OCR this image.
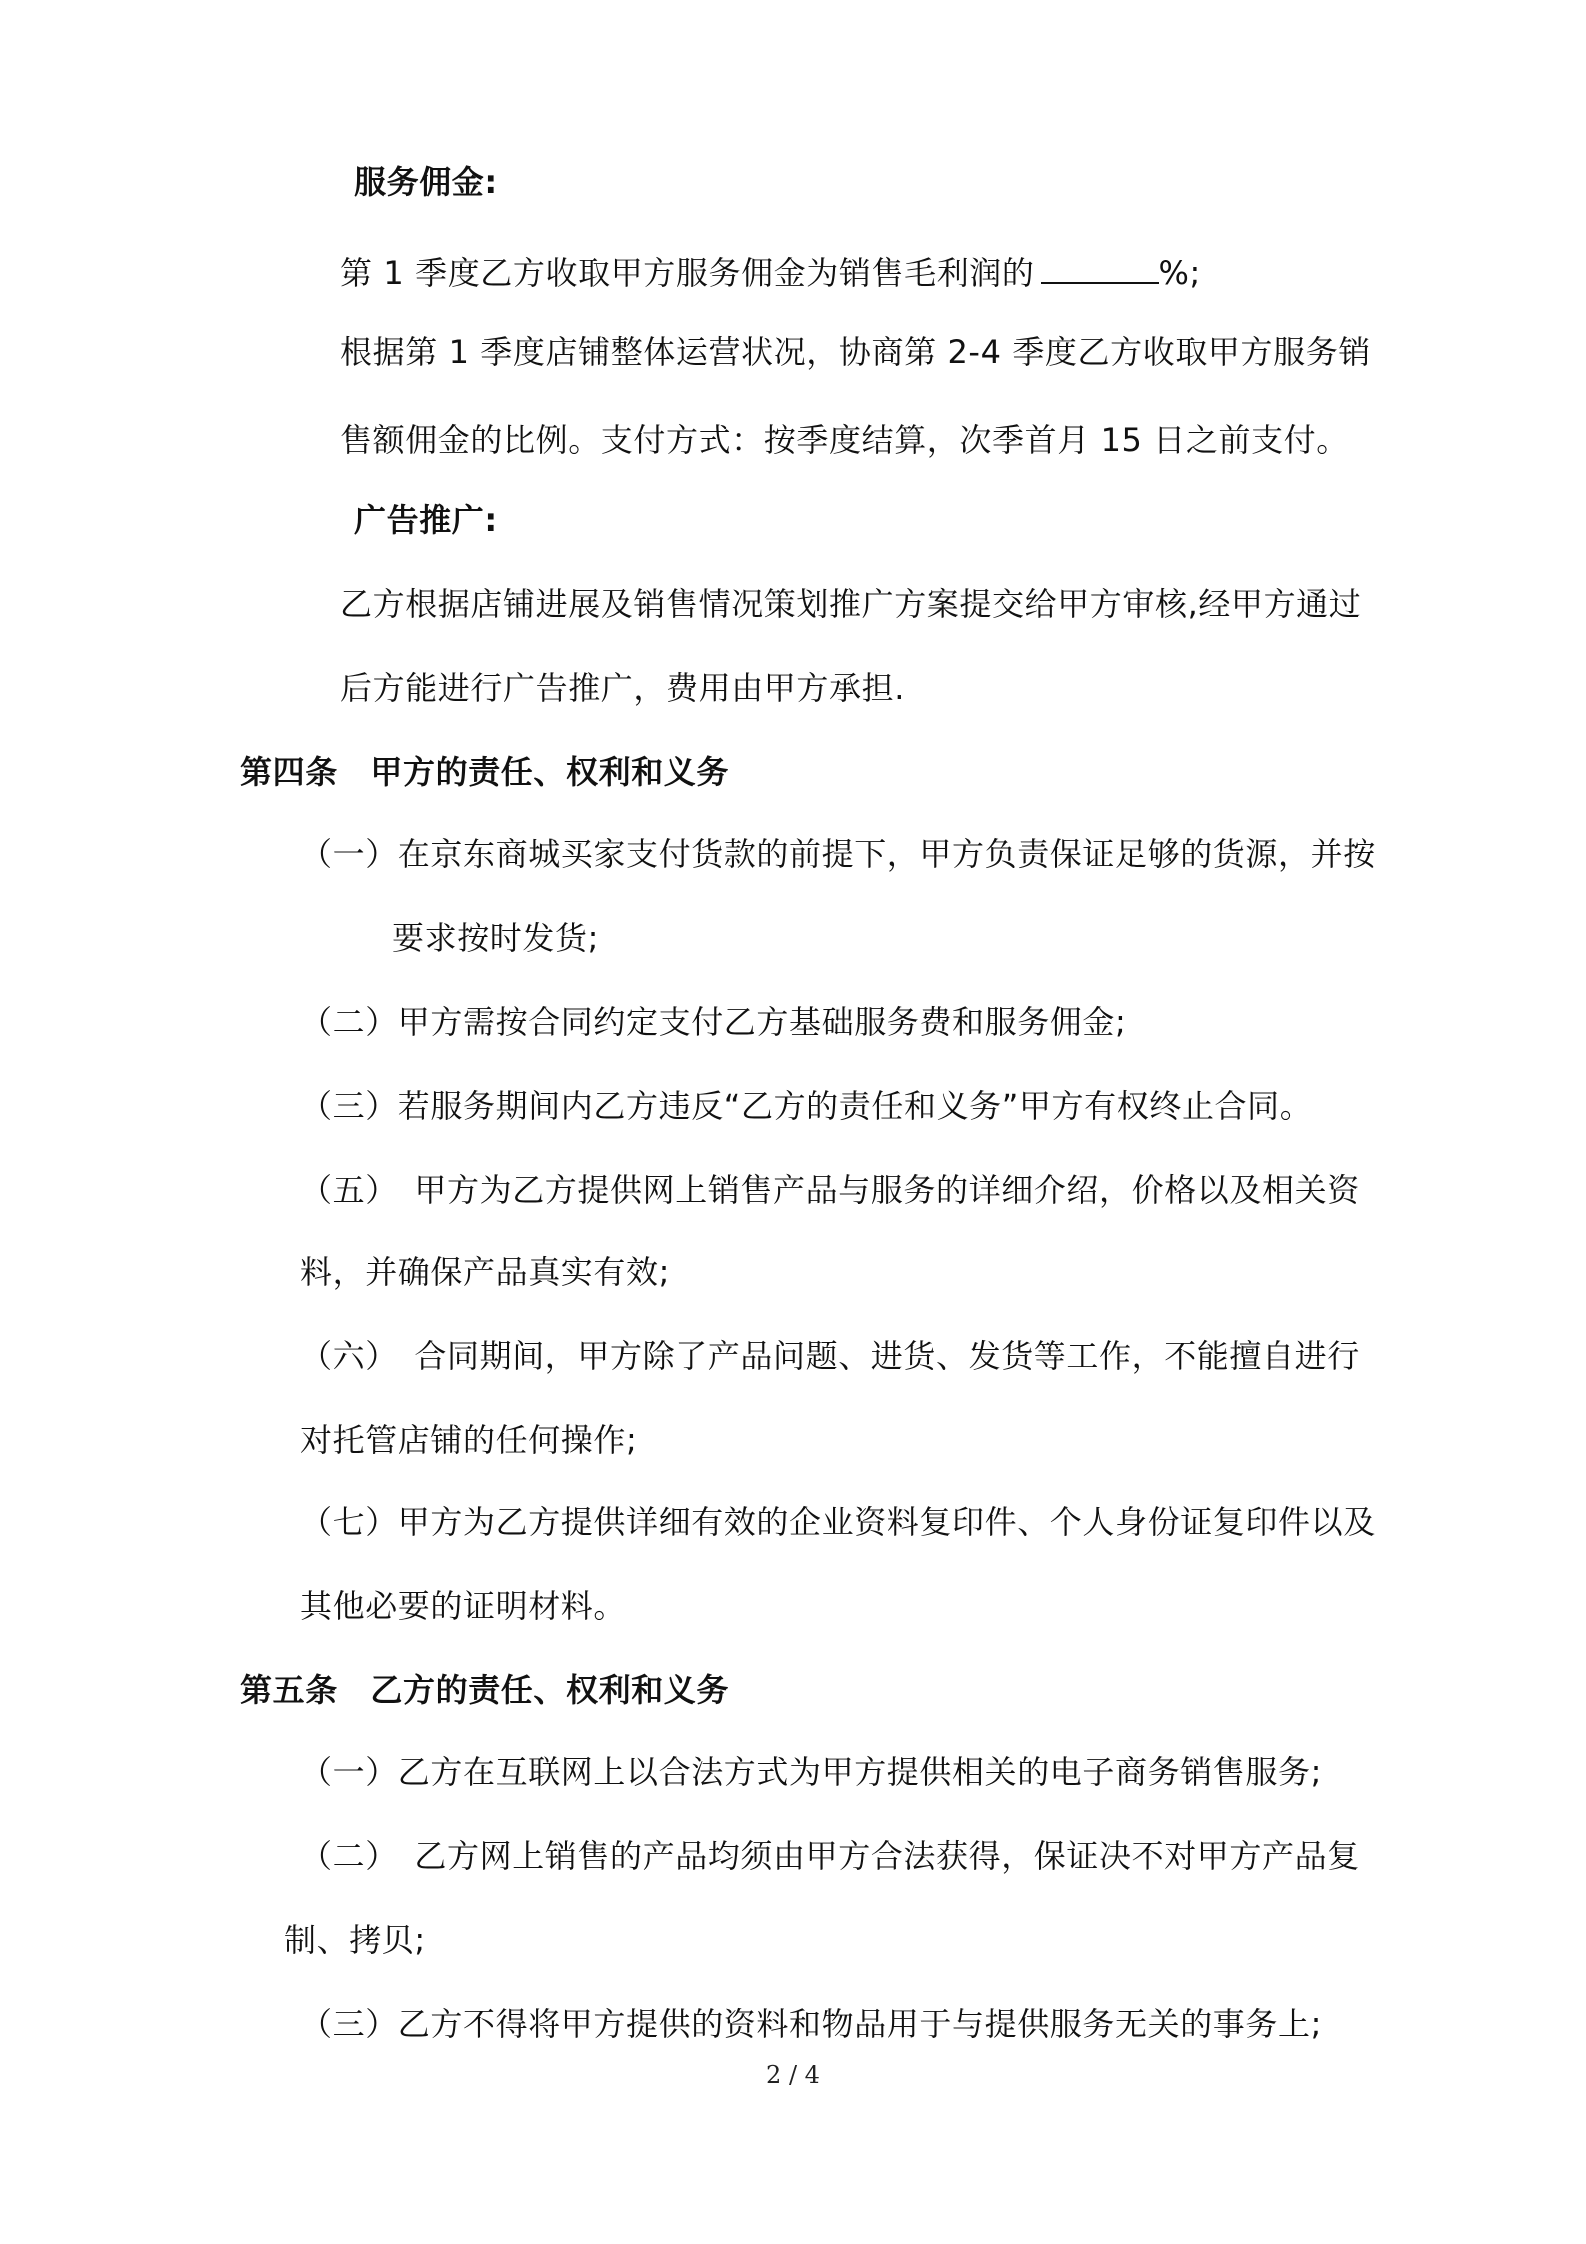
服务佣金:

第 1 季度乙方收取甲方服务佣金为销售毛利润的	%;

根据第 1 季度店铺整体运营状况，协商第 2-4 季度乙方收取甲方服务销

售额佣金的比例。支付方式：按季度结算，次季首月 15 日之前支付。

广告推广:

乙方根据店铺进展及销售情况策划推广方案提交给甲方审核,经甲方通过

后方能进行广告推广，费用由甲方承担.

第四条　甲方的责任、权利和义务

（一）在京东商城买家支付货款的前提下，甲方负责保证足够的货源，并按

要求按时发货;

（二）甲方需按合同约定支付乙方基础服务费和服务佣金;

（三）若服务期间内乙方违反“乙方的责任和义务”甲方有权终止合同。

（五）　甲方为乙方提供网上销售产品与服务的详细介绍，价格以及相关资

料，并确保产品真实有效;

（六）　合同期间，甲方除了产品问题、进货、发货等工作，不能擅自进行

对托管店铺的任何操作;

（七）甲方为乙方提供详细有效的企业资料复印件、个人身份证复印件以及

其他必要的证明材料。

第五条　乙方的责任、权利和义务

（一）乙方在互联网上以合法方式为甲方提供相关的电子商务销售服务;

（二）　乙方网上销售的产品均须由甲方合法获得，保证决不对甲方产品复

制、拷贝;

（三）乙方不得将甲方提供的资料和物品用于与提供服务无关的事务上;

2 / 4
